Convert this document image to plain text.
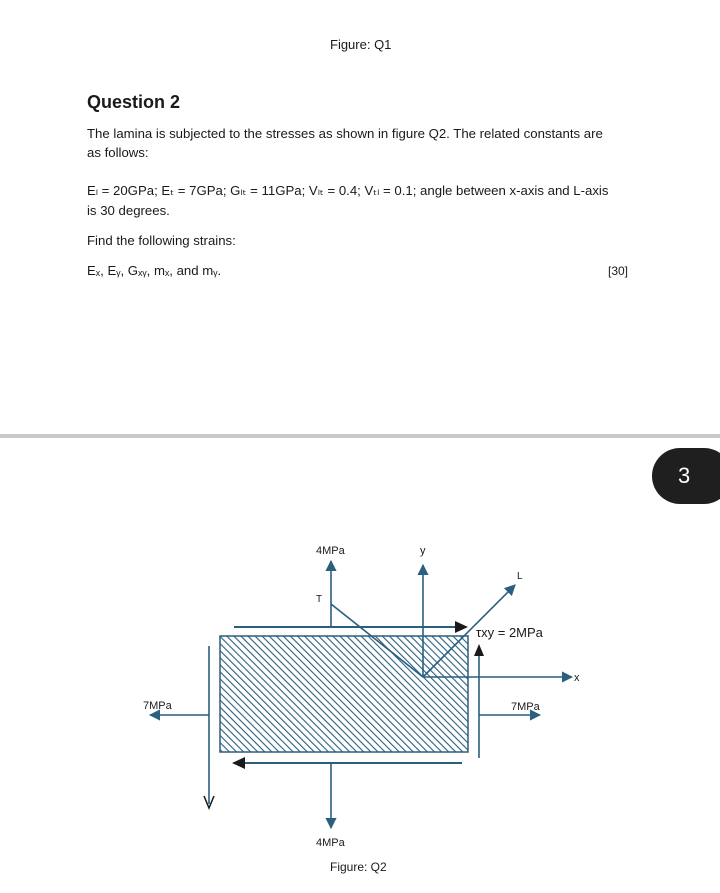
Figure: Q1
Question 2
The lamina is subjected to the stresses as shown in figure Q2. The related constants are
as follows:
Eₗ = 20GPa; Eₜ = 7GPa; Gₗₜ = 11GPa; Vₗₜ = 0.4; Vₜₗ = 0.1; angle between x-axis and L-axis
is 30 degrees.
Find the following strains:
Eₓ, Eᵧ, Gₓᵧ, mₓ, and mᵧ.	[30]
3
4MPa
4MPa
7MPa	7MPa
y
x
L
T
τxy = 2MPa
Figure: Q2
